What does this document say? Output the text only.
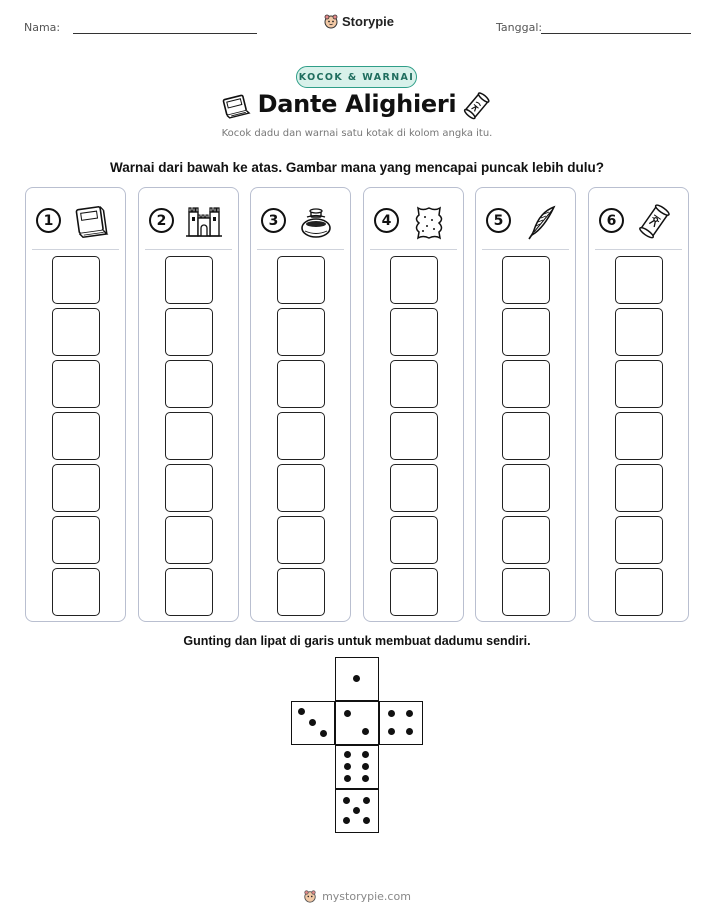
Nama:	Storypie	Tanggal:
KOCOK & WARNAI
Dante Alighieri
Kocok dadu dan warnai satu kotak di kolom angka itu.
Warnai dari bawah ke atas. Gambar mana yang mencapai puncak lebih dulu?
1	2	3	4	5	6
Gunting dan lipat di garis untuk membuat dadumu sendiri.
mystorypie.com
